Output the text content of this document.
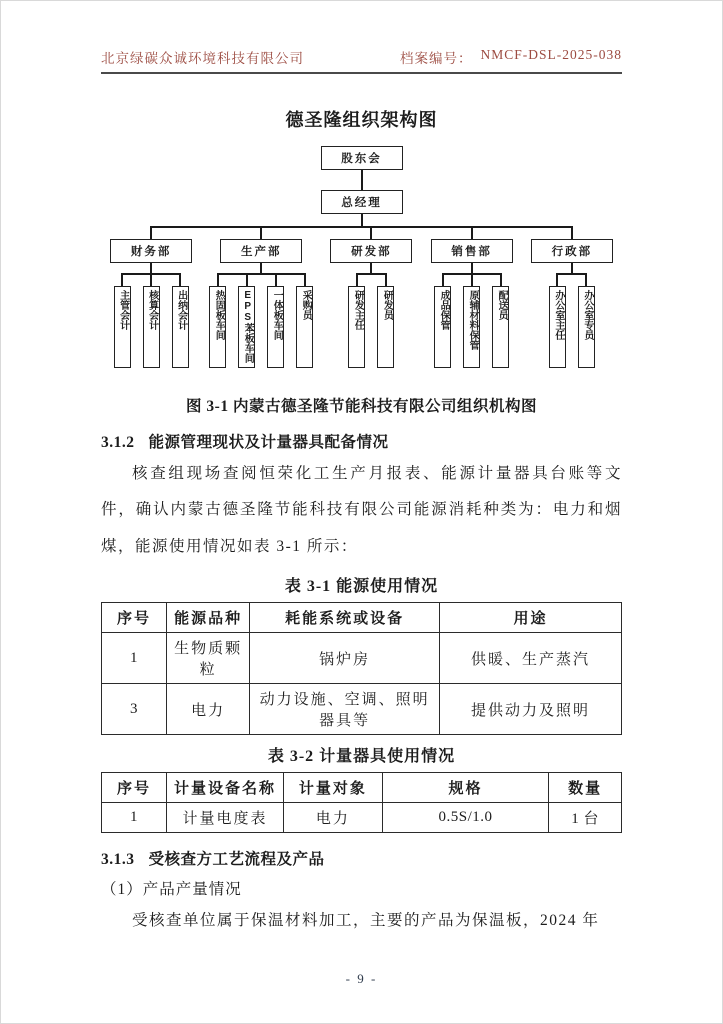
北京绿碳众诚环境科技有限公司	档案编号： NMCF-DSL-2025-038
德圣隆组织架构图
股东会
总经理
财务部
主管会计	核算会计	出纳会计
生产部
热固板车间	EPS苯板车间	一体板车间	采购员
研发部
研发主任	研发员
销售部
成品保管	原辅材料保管	配送员
行政部
办公室主任	办公室专员
图 3-1 内蒙古德圣隆节能科技有限公司组织机构图
3.1.2 能源管理现状及计量器具配备情况

核查组现场查阅恒荣化工生产月报表、能源计量器具台账等文件，确认内蒙古德圣隆节能科技有限公司能源消耗种类为：电力和烟煤，能源使用情况如表 3-1 所示：

表 3-1 能源使用情况
序号	能源品种	耗能系统或设备	用途
1	生物质颗粒	锅炉房	供暖、生产蒸汽
3	电力	动力设施、空调、照明器具等	提供动力及照明
表 3-2 计量器具使用情况
序号	计量设备名称	计量对象	规格	数量
1	计量电度表	电力	0.5S/1.0	1 台
3.1.3 受核查方工艺流程及产品
（1）产品产量情况

受核查单位属于保温材料加工，主要的产品为保温板，2024 年

- 9 -
